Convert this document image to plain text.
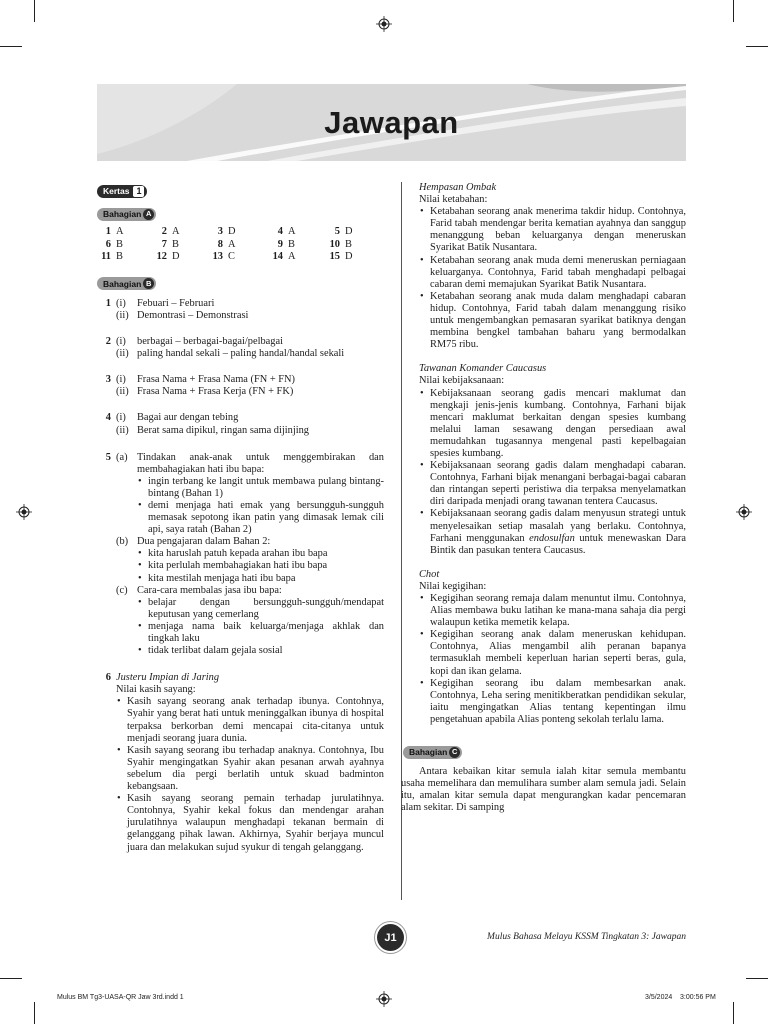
Jawapan
Kertas 1
Bahagian A
1 A	2 A	3 D	4 A	5 D
6 B	7 B	8 A	9 B	10 B
11 B	12 D	13 C	14 A	15 D
Bahagian B
1 (i)	Febuari – Februari
(ii) Demontrasi – Demonstrasi
2 (i)	berbagai – berbagai-bagai/pelbagai
(ii) paling handal sekali – paling handal/handal sekali
3 (i)	Frasa Nama + Frasa Nama (FN + FN)
(ii) Frasa Nama + Frasa Kerja (FN + FK)
4 (i)	Bagai aur dengan tebing
(ii) Berat sama dipikul, ringan sama dijinjing
5 (a) Tindakan anak-anak untuk menggembirakan dan membahagiakan hati ibu bapa:
• ingin terbang ke langit untuk membawa pulang bintang-bintang (Bahan 1)
• demi menjaga hati emak yang bersungguh-sungguh memasak sepotong ikan patin yang dimasak lemak cili api, saya ratah (Bahan 2)
(b) Dua pengajaran dalam Bahan 2:
• kita haruslah patuh kepada arahan ibu bapa
• kita perlulah membahagiakan hati ibu bapa
• kita mestilah menjaga hati ibu bapa
(c) Cara-cara membalas jasa ibu bapa:
• belajar dengan bersungguh-sungguh/mendapat keputusan yang cemerlang
• menjaga nama baik keluarga/menjaga akhlak dan tingkah laku
• tidak terlibat dalam gejala sosial
6 Justeru Impian di Jaring
Nilai kasih sayang:
• Kasih sayang seorang anak terhadap ibunya. Contohnya, Syahir yang berat hati untuk meninggalkan ibunya di hospital terpaksa berkorban demi mencapai cita-citanya untuk menjadi seorang juara dunia.
• Kasih sayang seorang ibu terhadap anaknya. Contohnya, Ibu Syahir mengingatkan Syahir akan pesanan arwah ayahnya sebelum dia pergi berlatih untuk skuad badminton kebangsaan.
• Kasih sayang seorang pemain terhadap jurulatihnya. Contohnya, Syahir kekal fokus dan mendengar arahan jurulatihnya walaupun menghadapi tekanan bermain di gelanggang pihak lawan. Akhirnya, Syahir berjaya muncul juara dan melakukan sujud syukur di tengah gelanggang.
Hempasan Ombak
Nilai ketabahan:
• Ketabahan seorang anak menerima takdir hidup. Contohnya, Farid tabah mendengar berita kematian ayahnya dan sanggup menanggung beban keluarganya dengan meneruskan Syarikat Batik Nusantara.
• Ketabahan seorang anak muda demi meneruskan perniagaan keluarganya. Contohnya, Farid tabah menghadapi pelbagai cabaran demi memajukan Syarikat Batik Nusantara.
• Ketabahan seorang anak muda dalam menghadapi cabaran hidup. Contohnya, Farid tabah dalam menanggung risiko untuk mengembangkan pemasaran syarikat batiknya dengan membina bengkel tambahan baharu yang bermodalkan RM75 ribu.
Tawanan Komander Caucasus
Nilai kebijaksanaan:
• Kebijaksanaan seorang gadis mencari maklumat dan mengkaji jenis-jenis kumbang. Contohnya, Farhani bijak mencari maklumat berkaitan dengan spesies kumbang melalui laman sesawang dengan persediaan awal memudahkan tugasannya mengenal pasti kepelbagaian spesies kumbang.
• Kebijaksanaan seorang gadis dalam menghadapi cabaran. Contohnya, Farhani bijak menangani berbagai-bagai cabaran dan rintangan seperti peristiwa dia terpaksa menyelamatkan diri daripada menjadi orang tawanan tentera Caucasus.
• Kebijaksanaan seorang gadis dalam menyusun strategi untuk menyelesaikan setiap masalah yang berlaku. Contohnya, Farhani menggunakan endosulfan untuk menewaskan Dara Bintik dan pasukan tentera Caucasus.
Chot
Nilai kegigihan:
• Kegigihan seorang remaja dalam menuntut ilmu. Contohnya, Alias membawa buku latihan ke mana-mana sahaja dia pergi walaupun ketika memetik kelapa.
• Kegigihan seorang anak dalam meneruskan kehidupan. Contohnya, Alias mengambil alih peranan bapanya termasuklah membeli keperluan harian seperti beras, gula, kopi dan ikan gelama.
• Kegigihan seorang ibu dalam membesarkan anak. Contohnya, Leha sering menitikberatkan pendidikan sekular, iaitu mengingatkan Alias tentang kepentingan ilmu pengetahuan apabila Alias ponteng sekolah terlalu lama.
Bahagian C
Antara kebaikan kitar semula ialah kitar semula membantu usaha memelihara dan memulihara sumber alam semula jadi. Selain itu, amalan kitar semula dapat mengurangkan kadar pencemaran alam sekitar. Di samping
J1	Mulus Bahasa Melayu KSSM Tingkatan 3: Jawapan
Mulus BM Tg3-UASA-QR Jaw 3rd.indd 1	3/5/2024 3:00:56 PM
